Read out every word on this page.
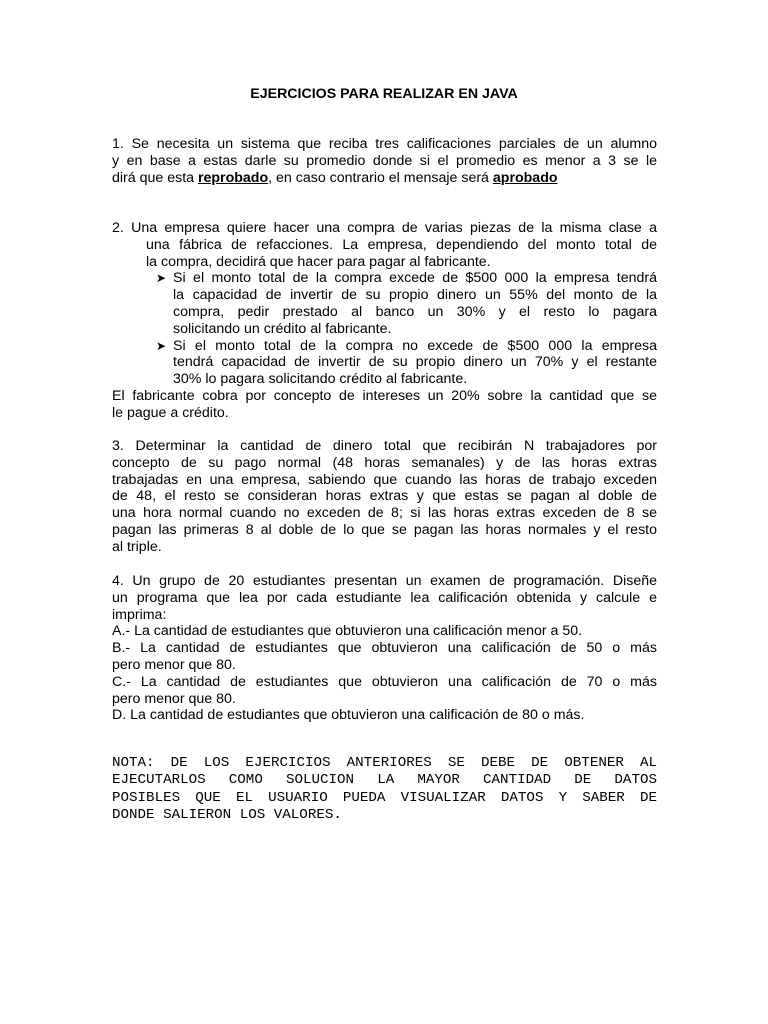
EJERCICIOS PARA REALIZAR EN JAVA
1. Se necesita un sistema que reciba tres calificaciones parciales de un alumno
y en base a estas darle su promedio donde si el promedio es menor a 3 se le
dirá que esta reprobado, en caso contrario el mensaje será aprobado
2. Una empresa quiere hacer una compra de varias piezas de la misma clase a
una fábrica de refacciones. La empresa, dependiendo del monto total de
la compra, decidirá que hacer para pagar al fabricante.
➤ Si el monto total de la compra excede de $500 000 la empresa tendrá
la capacidad de invertir de su propio dinero un 55% del monto de la
compra, pedir prestado al banco un 30% y el resto lo pagara
solicitando un crédito al fabricante.
➤ Si el monto total de la compra no excede de $500 000 la empresa
tendrá capacidad de invertir de su propio dinero un 70% y el restante
30% lo pagara solicitando crédito al fabricante.
El fabricante cobra por concepto de intereses un 20% sobre la cantidad que se
le pague a crédito.
3. Determinar la cantidad de dinero total que recibirán N trabajadores por
concepto de su pago normal (48 horas semanales) y de las horas extras
trabajadas en una empresa, sabiendo que cuando las horas de trabajo exceden
de 48, el resto se consideran horas extras y que estas se pagan al doble de
una hora normal cuando no exceden de 8; si las horas extras exceden de 8 se
pagan las primeras 8 al doble de lo que se pagan las horas normales y el resto
al triple.
4. Un grupo de 20 estudiantes presentan un examen de programación. Diseñe
un programa que lea por cada estudiante lea calificación obtenida y calcule e
imprima:
A.- La cantidad de estudiantes que obtuvieron una calificación menor a 50.
B.- La cantidad de estudiantes que obtuvieron una calificación de 50 o más
pero menor que 80.
C.- La cantidad de estudiantes que obtuvieron una calificación de 70 o más
pero menor que 80.
D. La cantidad de estudiantes que obtuvieron una calificación de 80 o más.
NOTA: DE LOS EJERCICIOS ANTERIORES SE DEBE DE OBTENER AL
EJECUTARLOS COMO SOLUCION LA MAYOR CANTIDAD DE DATOS
POSIBLES QUE EL USUARIO PUEDA VISUALIZAR DATOS Y SABER DE
DONDE SALIERON LOS VALORES.
